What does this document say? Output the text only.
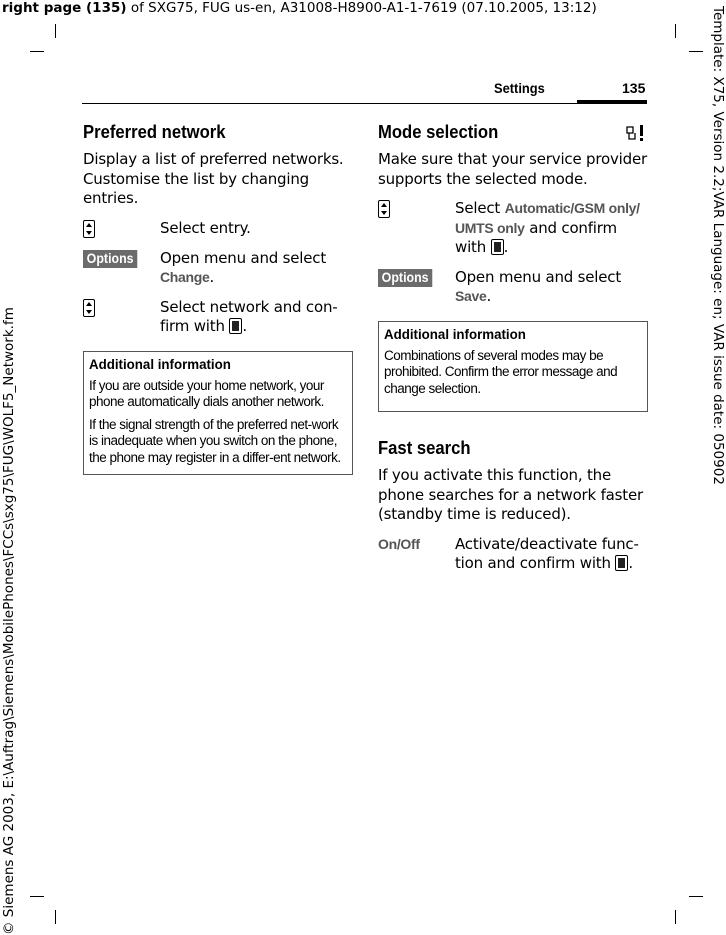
right page (135) of SXG75, FUG us-en, A31008-H8900-A1-1-7619 (07.10.2005, 13:12)
© Siemens AG 2003, E:\Auftrag\Siemens\MobilePhones\FCCs\sxg75\FUG\WOLF5_Network.fm
Template: X75, Version 2.2;VAR Language: en; VAR issue date: 050902
Settings	135
Preferred network

Display a list of preferred networks. Customise the list by changing entries.

Select entry.
Options Open menu and select Change.
Select network and con-firm with .
Additional information
If you are outside your home network, your phone automatically dials another network.
If the signal strength of the preferred net-work is inadequate when you switch on the phone, the phone may register in a differ-ent network.
Mode selection

Make sure that your service provider supports the selected mode.

Select Automatic/GSM only/ UMTS only and confirm with .
Options Open menu and select Save.
Additional information
Combinations of several modes may be prohibited. Confirm the error message and change selection.
Fast search

If you activate this function, the phone searches for a network faster (standby time is reduced).

On/Off Activate/deactivate func-tion and confirm with .
